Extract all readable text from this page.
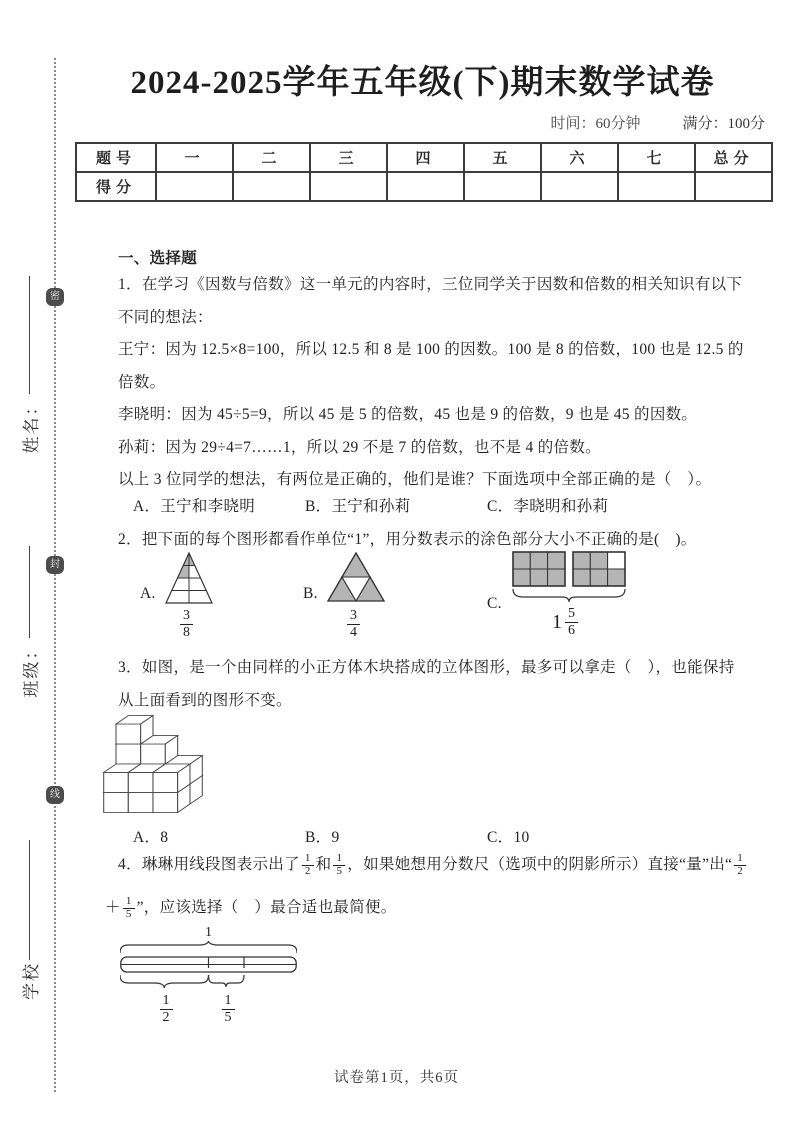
2024-2025学年五年级(下)期末数学试卷
时间：60分钟	满分：100分
题号	一	二	三	四	五	六	七	总分
得分								
密
封
线
姓名：
班级：
学校
一、选择题
1．在学习《因数与倍数》这一单元的内容时，三位同学关于因数和倍数的相关知识有以下
不同的想法：
王宁：因为 12.5×8=100，所以 12.5 和 8 是 100 的因数。100 是 8 的倍数，100 也是 12.5 的
倍数。
李晓明：因为 45÷5=9，所以 45 是 5 的倍数，45 也是 9 的倍数，9 也是 45 的因数。
孙莉：因为 29÷4=7……1，所以 29 不是 7 的倍数，也不是 4 的倍数。
以上 3 位同学的想法，有两位是正确的，他们是谁？下面选项中全部正确的是（　）。
A．王宁和李晓明	B．王宁和孙莉	C．李晓明和孙莉
2．把下面的每个图形都看作单位“1”，用分数表示的涂色部分大小不正确的是(　)。
A.
$\frac{3}{8}$
B.
$\frac{3}{4}$
C.
$1 \frac{5}{6}$
3．如图，是一个由同样的小正方体木块搭成的立体图形，最多可以拿走（　），也能保持
从上面看到的图形不变。
A．8	B．9	C．10
4．琳琳用线段图表示出了 $\frac{1}{2}$ 和 $\frac{1}{5}$ ，如果她想用分数尺（选项中的阴影所示）直接“量”出“ $\frac{1}{2}$
＋ $\frac{1}{5}$ ”，应该选择（　）最合适也最简便。
1
$\frac{1}{2} \frac{1}{5}$
试卷第1页，共6页
